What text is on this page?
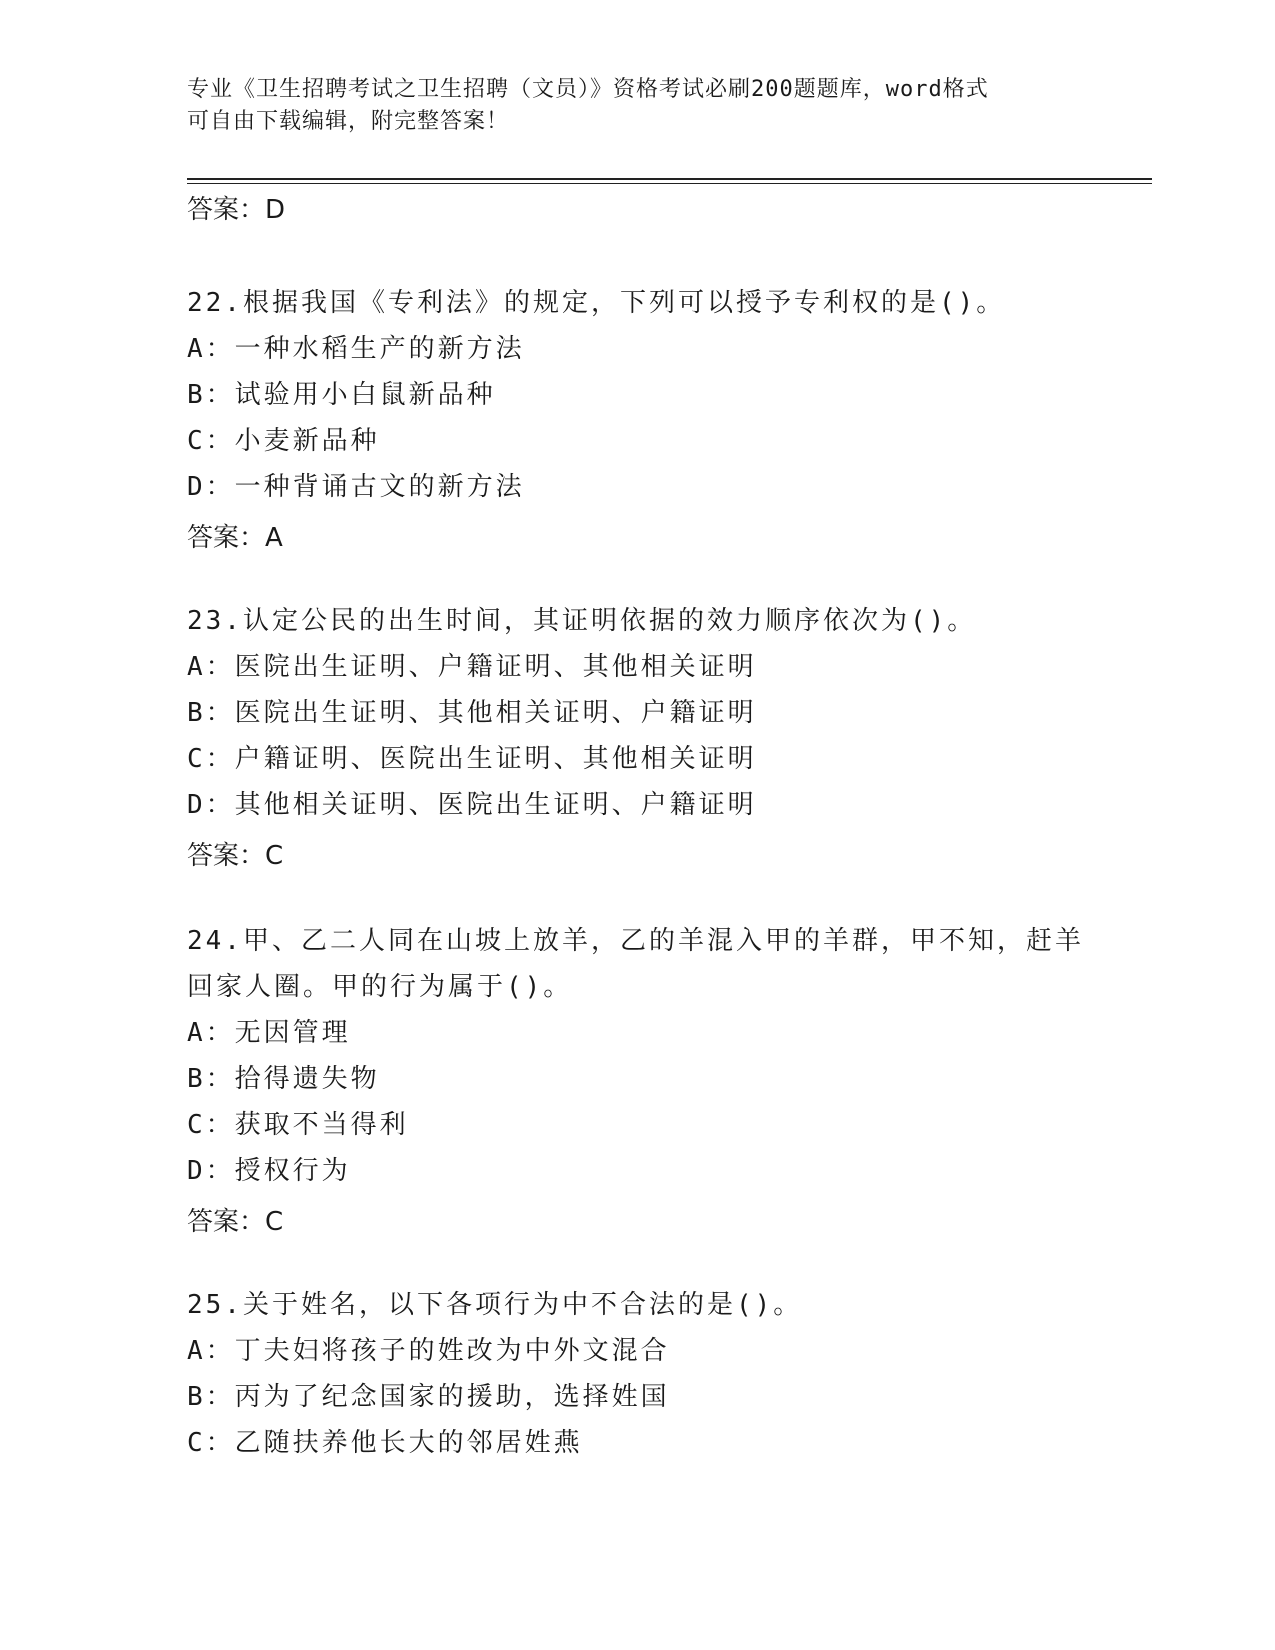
专业《卫生招聘考试之卫生招聘（文员）》资格考试必刷200题题库，word格式
可自由下载编辑，附完整答案！
答案：D
22.根据我国《专利法》的规定，下列可以授予专利权的是()。
A：一种水稻生产的新方法
B：试验用小白鼠新品种
C：小麦新品种
D：一种背诵古文的新方法
答案：A
23.认定公民的出生时间，其证明依据的效力顺序依次为()。
A：医院出生证明、户籍证明、其他相关证明
B：医院出生证明、其他相关证明、户籍证明
C：户籍证明、医院出生证明、其他相关证明
D：其他相关证明、医院出生证明、户籍证明
答案：C
24.甲、乙二人同在山坡上放羊，乙的羊混入甲的羊群，甲不知，赶羊
回家人圈。甲的行为属于()。
A：无因管理
B：拾得遗失物
C：获取不当得利
D：授权行为
答案：C
25.关于姓名，以下各项行为中不合法的是()。
A：丁夫妇将孩子的姓改为中外文混合
B：丙为了纪念国家的援助，选择姓国
C：乙随扶养他长大的邻居姓燕
